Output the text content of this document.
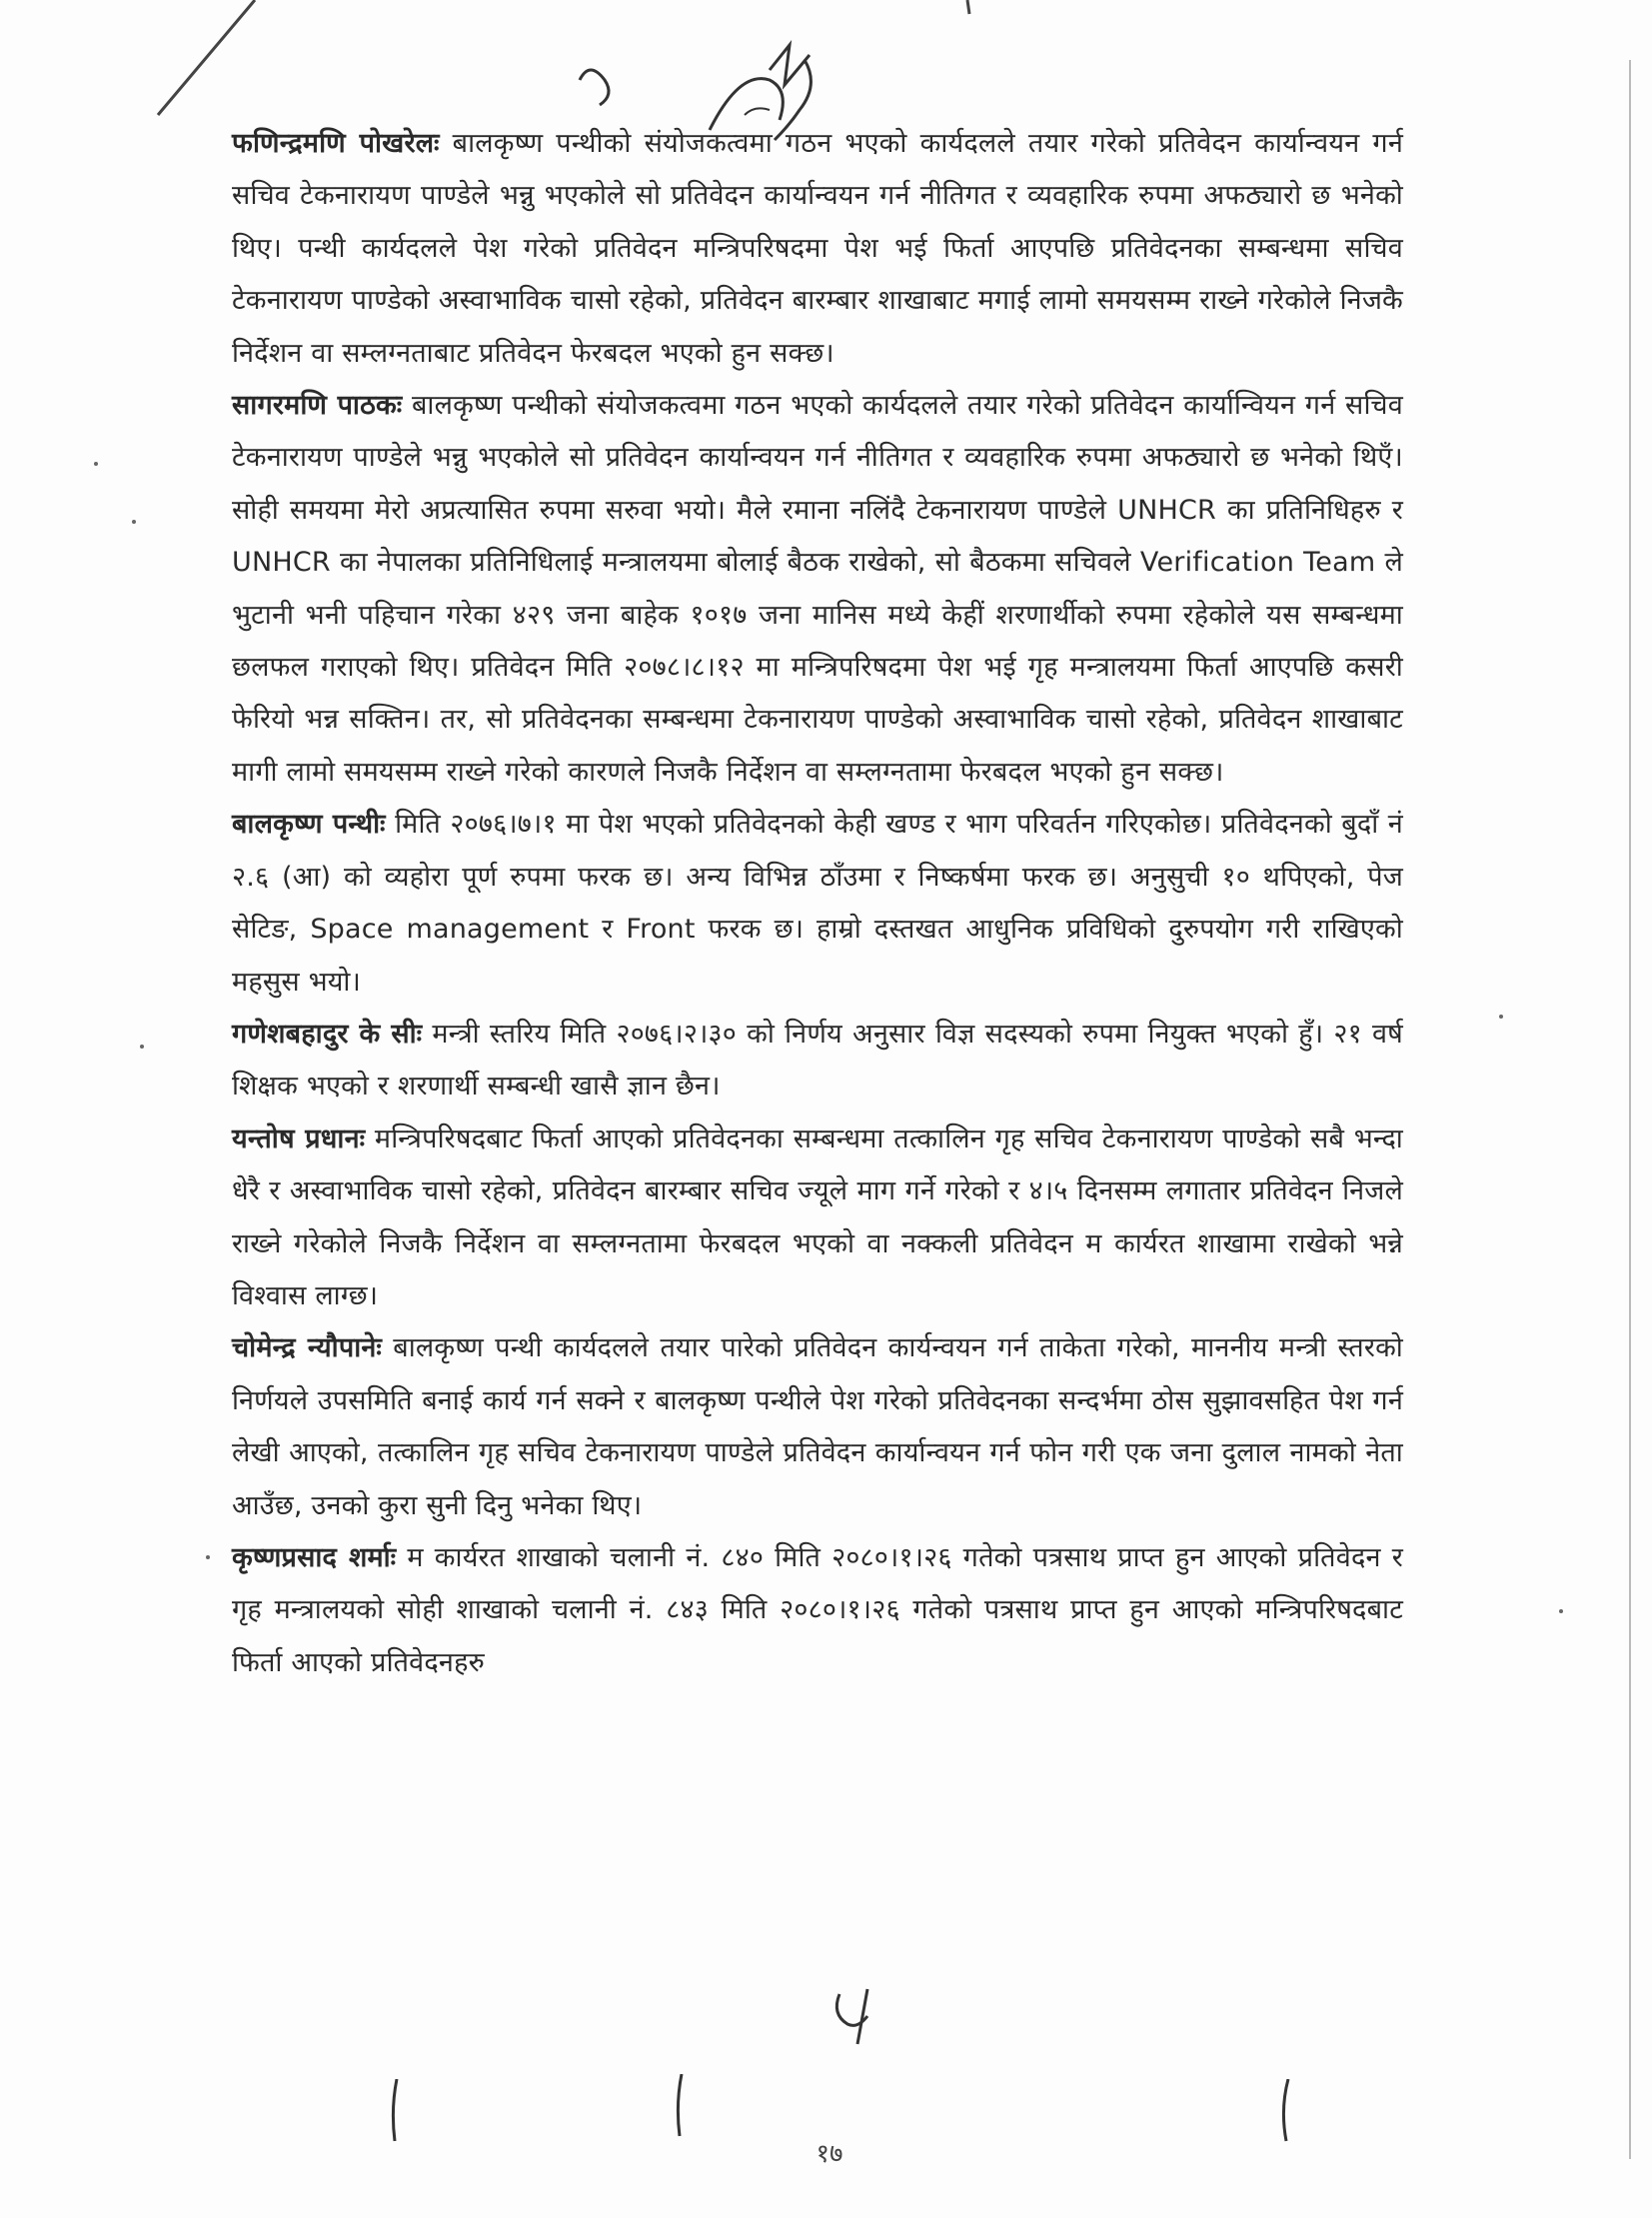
फणिन्द्रमणि पोखरेलः बालकृष्ण पन्थीको संयोजकत्वमा गठन भएको कार्यदलले तयार गरेको प्रतिवेदन कार्यान्वयन गर्न सचिव टेकनारायण पाण्डेले भन्नु भएकोले सो प्रतिवेदन कार्यान्वयन गर्न नीतिगत र व्यवहारिक रुपमा अफठ्यारो छ भनेको थिए। पन्थी कार्यदलले पेश गरेको प्रतिवेदन मन्त्रिपरिषदमा पेश भई फिर्ता आएपछि प्रतिवेदनका सम्बन्धमा सचिव टेकनारायण पाण्डेको अस्वाभाविक चासो रहेको, प्रतिवेदन बारम्बार शाखाबाट मगाई लामो समयसम्म राख्ने गरेकोले निजकै निर्देशन वा सम्लग्नताबाट प्रतिवेदन फेरबदल भएको हुन सक्छ।

सागरमणि पाठकः बालकृष्ण पन्थीको संयोजकत्वमा गठन भएको कार्यदलले तयार गरेको प्रतिवेदन कार्यान्वियन गर्न सचिव टेकनारायण पाण्डेले भन्नु भएकोले सो प्रतिवेदन कार्यान्वयन गर्न नीतिगत र व्यवहारिक रुपमा अफठ्यारो छ भनेको थिएँ। सोही समयमा मेरो अप्रत्यासित रुपमा सरुवा भयो। मैले रमाना नलिंदै टेकनारायण पाण्डेले UNHCR का प्रतिनिधिहरु र UNHCR का नेपालका प्रतिनिधिलाई मन्त्रालयमा बोलाई बैठक राखेको, सो बैठकमा सचिवले Verification Team ले भुटानी भनी पहिचान गरेका ४२९ जना बाहेक १०१७ जना मानिस मध्ये केहीं शरणार्थीको रुपमा रहेकोले यस सम्बन्धमा छलफल गराएको थिए। प्रतिवेदन मिति २०७८।८।१२ मा मन्त्रिपरिषदमा पेश भई गृह मन्त्रालयमा फिर्ता आएपछि कसरी फेरियो भन्न सक्तिन। तर, सो प्रतिवेदनका सम्बन्धमा टेकनारायण पाण्डेको अस्वाभाविक चासो रहेको, प्रतिवेदन शाखाबाट मागी लामो समयसम्म राख्ने गरेको कारणले निजकै निर्देशन वा सम्लग्नतामा फेरबदल भएको हुन सक्छ।

बालकृष्ण पन्थीः मिति २०७६।७।१ मा पेश भएको प्रतिवेदनको केही खण्ड र भाग परिवर्तन गरिएकोछ। प्रतिवेदनको बुदाँ नं २.६ (आ) को व्यहोरा पूर्ण रुपमा फरक छ। अन्य विभिन्न ठाँउमा र निष्कर्षमा फरक छ। अनुसुची १० थपिएको, पेज सेटिङ, Space management र Front फरक छ। हाम्रो दस्तखत आधुनिक प्रविधिको दुरुपयोग गरी राखिएको महसुस भयो।

गणेशबहादुर के सीः मन्त्री स्तरिय मिति २०७६।२।३० को निर्णय अनुसार विज्ञ सदस्यको रुपमा नियुक्त भएको हुँ। २१ वर्ष शिक्षक भएको र शरणार्थी सम्बन्धी खासै ज्ञान छैन।

यन्तोष प्रधानः मन्त्रिपरिषदबाट फिर्ता आएको प्रतिवेदनका सम्बन्धमा तत्कालिन गृह सचिव टेकनारायण पाण्डेको सबै भन्दा धेरै र अस्वाभाविक चासो रहेको, प्रतिवेदन बारम्बार सचिव ज्यूले माग गर्ने गरेको र ४।५ दिनसम्म लगातार प्रतिवेदन निजले राख्ने गरेकोले निजकै निर्देशन वा सम्लग्नतामा फेरबदल भएको वा नक्कली प्रतिवेदन म कार्यरत शाखामा राखेको भन्ने विश्वास लाग्छ।

चोमेन्द्र न्यौपानेः बालकृष्ण पन्थी कार्यदलले तयार पारेको प्रतिवेदन कार्यन्वयन गर्न ताकेता गरेको, माननीय मन्त्री स्तरको निर्णयले उपसमिति बनाई कार्य गर्न सक्ने र बालकृष्ण पन्थीले पेश गरेको प्रतिवेदनका सन्दर्भमा ठोस सुझावसहित पेश गर्न लेखी आएको, तत्कालिन गृह सचिव टेकनारायण पाण्डेले प्रतिवेदन कार्यान्वयन गर्न फोन गरी एक जना दुलाल नामको नेता आउँछ, उनको कुरा सुनी दिनु भनेका थिए।

कृष्णप्रसाद शर्माः म कार्यरत शाखाको चलानी नं. ८४० मिति २०८०।१।२६ गतेको पत्रसाथ प्राप्त हुन आएको प्रतिवेदन र गृह मन्त्रालयको सोही शाखाको चलानी नं. ८४३ मिति २०८०।१।२६ गतेको पत्रसाथ प्राप्त हुन आएको मन्त्रिपरिषदबाट फिर्ता आएको प्रतिवेदनहरु

१७
